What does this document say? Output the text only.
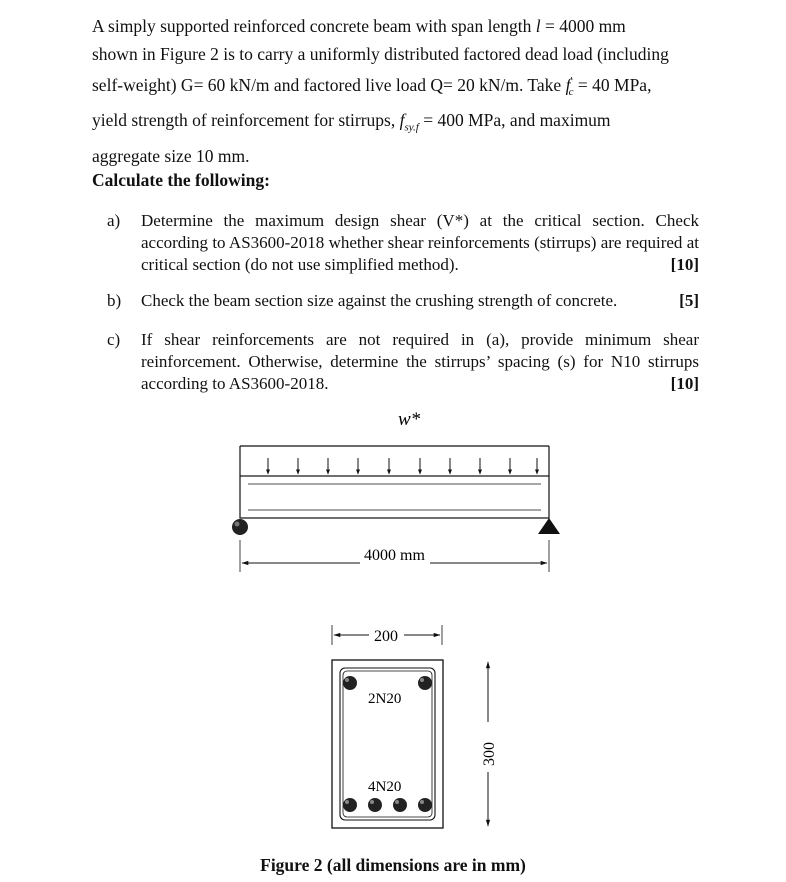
A simply supported reinforced concrete beam with span length l = 4000 mm
shown in Figure 2 is to carry a uniformly distributed factored dead load (including
self-weight) G= 60 kN/m and factored live load Q= 20 kN/m. Take $f'_c = 40$ MPa,
yield strength of reinforcement for stirrups, $f_{sy.f} = 400$ MPa, and maximum
aggregate size 10 mm.
Calculate the following:
a) Determine the maximum design shear (V*) at the critical section. Check according to AS3600-2018 whether shear reinforcements (stirrups) are required at critical section (do not use simplified method).	[10]
b) Check the beam section size against the crushing strength of concrete.	[5]
c) If shear reinforcements are not required in (a), provide minimum shear reinforcement. Otherwise, determine the stirrups’ spacing (s) for N10 stirrups according to AS3600-2018.	[10]
w*
4000 mm
200
2N20
4N20
300
Figure 2 (all dimensions are in mm)
